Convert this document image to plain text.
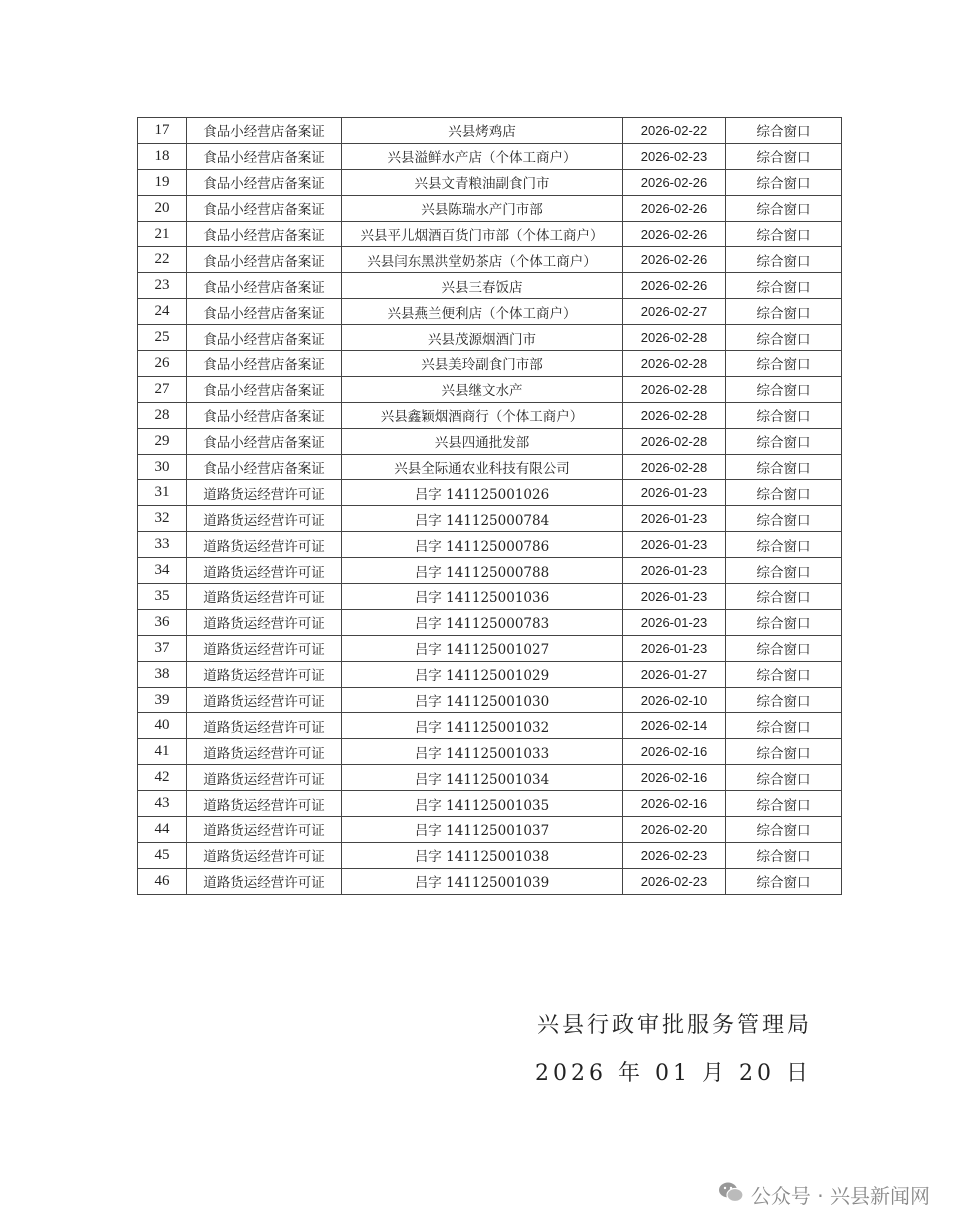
17	食品小经营店备案证	兴县烤鸡店	2026-02-22	综合窗口
18	食品小经营店备案证	兴县溢鲜水产店（个体工商户）	2026-02-23	综合窗口
19	食品小经营店备案证	兴县文青粮油副食门市	2026-02-26	综合窗口
20	食品小经营店备案证	兴县陈瑞水产门市部	2026-02-26	综合窗口
21	食品小经营店备案证	兴县平儿烟酒百货门市部（个体工商户）	2026-02-26	综合窗口
22	食品小经营店备案证	兴县闫东黑洪堂奶茶店（个体工商户）	2026-02-26	综合窗口
23	食品小经营店备案证	兴县三春饭店	2026-02-26	综合窗口
24	食品小经营店备案证	兴县燕兰便利店（个体工商户）	2026-02-27	综合窗口
25	食品小经营店备案证	兴县茂源烟酒门市	2026-02-28	综合窗口
26	食品小经营店备案证	兴县美玲副食门市部	2026-02-28	综合窗口
27	食品小经营店备案证	兴县继文水产	2026-02-28	综合窗口
28	食品小经营店备案证	兴县鑫颖烟酒商行（个体工商户）	2026-02-28	综合窗口
29	食品小经营店备案证	兴县四通批发部	2026-02-28	综合窗口
30	食品小经营店备案证	兴县全际通农业科技有限公司	2026-02-28	综合窗口
31	道路货运经营许可证	吕字 141125001026	2026-01-23	综合窗口
32	道路货运经营许可证	吕字 141125000784	2026-01-23	综合窗口
33	道路货运经营许可证	吕字 141125000786	2026-01-23	综合窗口
34	道路货运经营许可证	吕字 141125000788	2026-01-23	综合窗口
35	道路货运经营许可证	吕字 141125001036	2026-01-23	综合窗口
36	道路货运经营许可证	吕字 141125000783	2026-01-23	综合窗口
37	道路货运经营许可证	吕字 141125001027	2026-01-23	综合窗口
38	道路货运经营许可证	吕字 141125001029	2026-01-27	综合窗口
39	道路货运经营许可证	吕字 141125001030	2026-02-10	综合窗口
40	道路货运经营许可证	吕字 141125001032	2026-02-14	综合窗口
41	道路货运经营许可证	吕字 141125001033	2026-02-16	综合窗口
42	道路货运经营许可证	吕字 141125001034	2026-02-16	综合窗口
43	道路货运经营许可证	吕字 141125001035	2026-02-16	综合窗口
44	道路货运经营许可证	吕字 141125001037	2026-02-20	综合窗口
45	道路货运经营许可证	吕字 141125001038	2026-02-23	综合窗口
46	道路货运经营许可证	吕字 141125001039	2026-02-23	综合窗口
兴县行政审批服务管理局
2026 年 01 月 20 日
公众号 · 兴县新闻网
